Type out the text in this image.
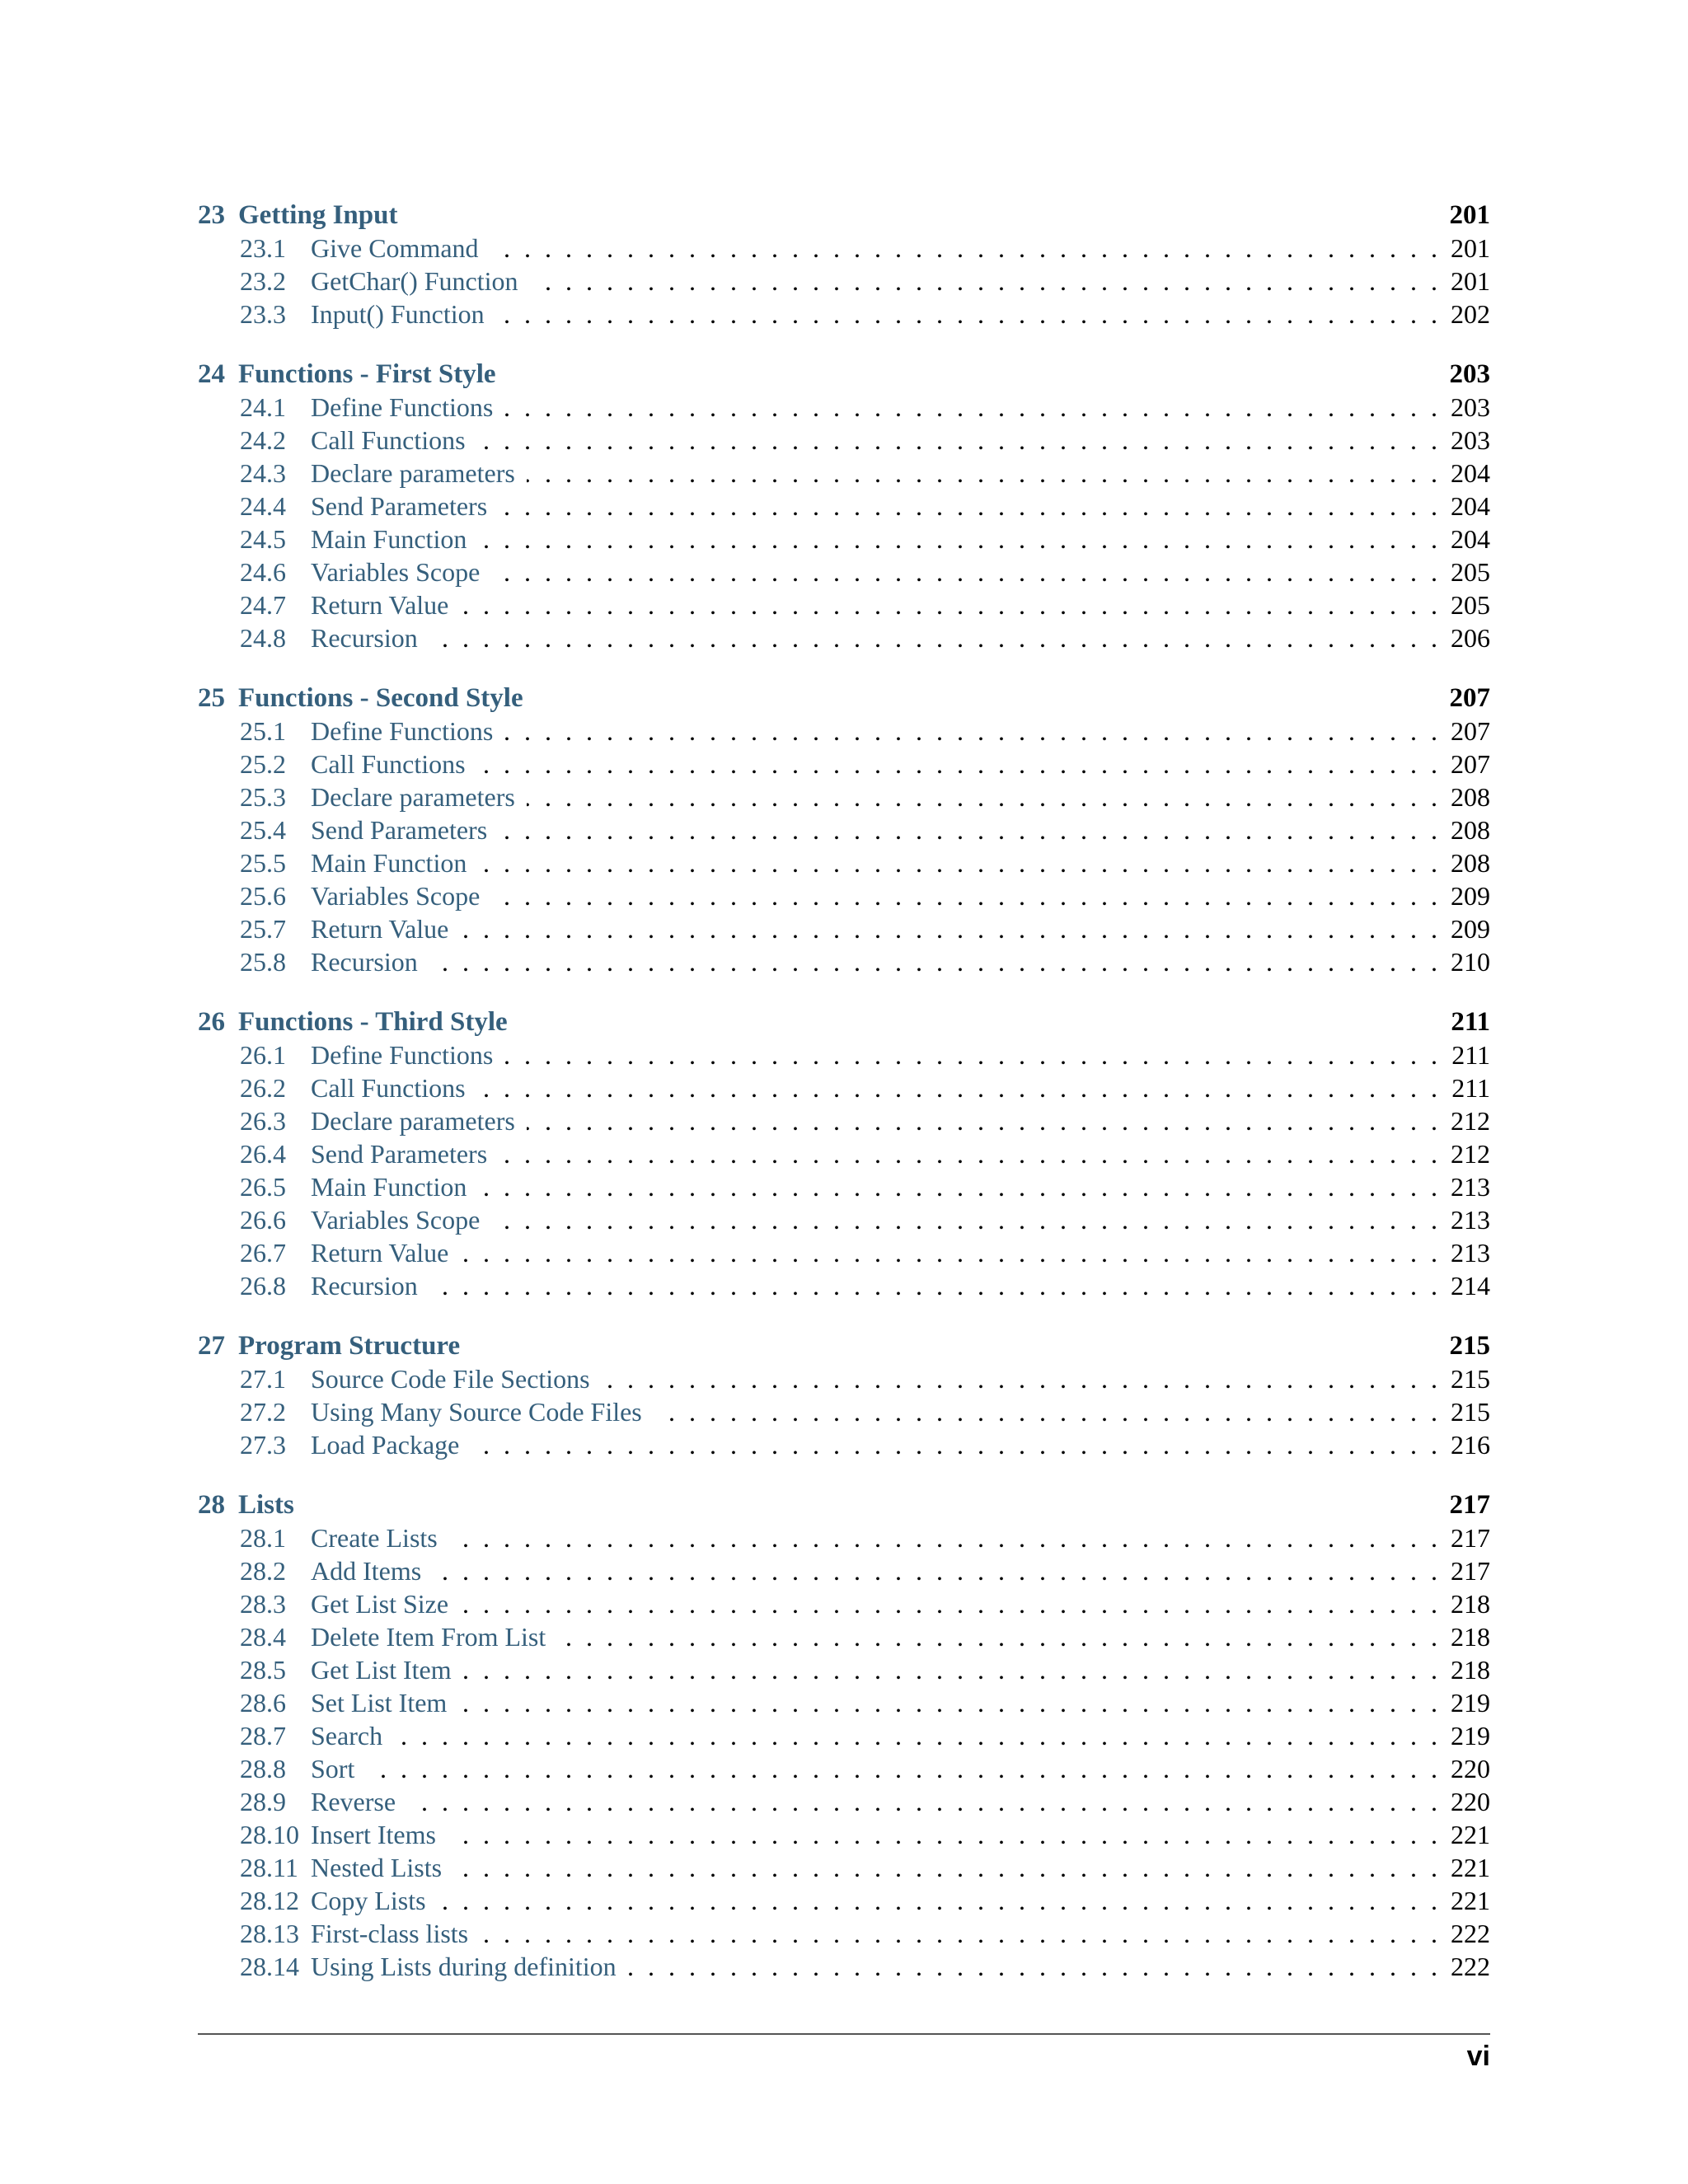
23 Getting Input	201
23.1 Give Command . . .	201
23.2 GetChar() Function . . .	201
23.3 Input() Function . . .	202
24 Functions - First Style	203
24.1 Define Functions . . .	203
24.2 Call Functions . . .	203
24.3 Declare parameters . . .	204
24.4 Send Parameters . . .	204
24.5 Main Function . . .	204
24.6 Variables Scope . . .	205
24.7 Return Value . . .	205
24.8 Recursion . . .	206
25 Functions - Second Style	207
25.1 Define Functions . . .	207
25.2 Call Functions . . .	207
25.3 Declare parameters . . .	208
25.4 Send Parameters . . .	208
25.5 Main Function . . .	208
25.6 Variables Scope . . .	209
25.7 Return Value . . .	209
25.8 Recursion . . .	210
26 Functions - Third Style	211
26.1 Define Functions . . .	211
26.2 Call Functions . . .	211
26.3 Declare parameters . . .	212
26.4 Send Parameters . . .	212
26.5 Main Function . . .	213
26.6 Variables Scope . . .	213
26.7 Return Value . . .	213
26.8 Recursion . . .	214
27 Program Structure	215
27.1 Source Code File Sections . . .	215
27.2 Using Many Source Code Files . . .	215
27.3 Load Package . . .	216
28 Lists	217
28.1 Create Lists . . .	217
28.2 Add Items . . .	217
28.3 Get List Size . . .	218
28.4 Delete Item From List . . .	218
28.5 Get List Item . . .	218
28.6 Set List Item . . .	219
28.7 Search . . .	219
28.8 Sort . . .	220
28.9 Reverse . . .	220
28.10 Insert Items . . .	221
28.11 Nested Lists . . .	221
28.12 Copy Lists . . .	221
28.13 First-class lists . . .	222
28.14 Using Lists during definition . . .	222
vi
